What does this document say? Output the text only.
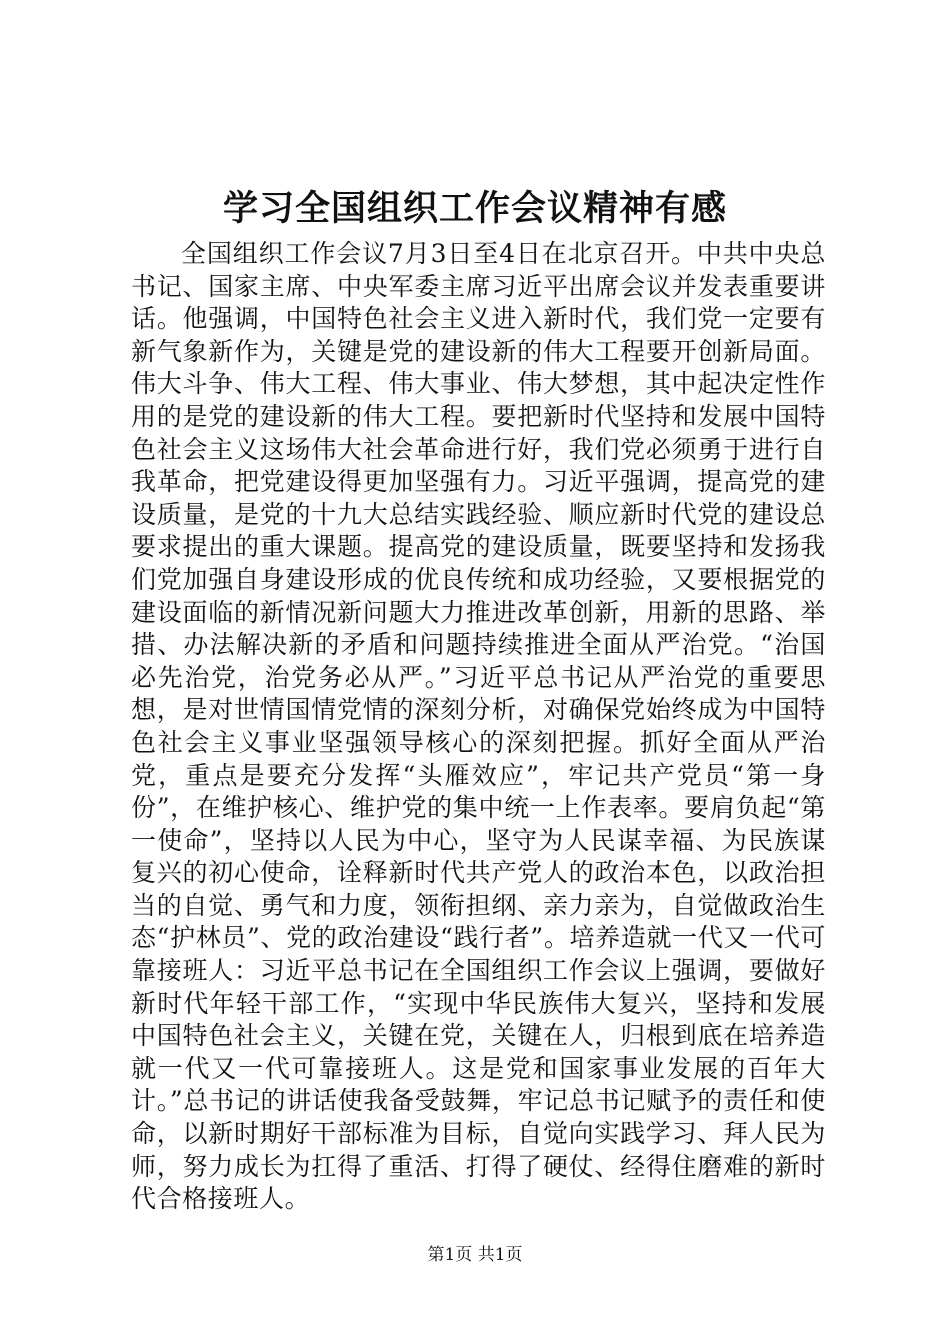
学习全国组织工作会议精神有感

全国组织工作会议7月3日至4日在北京召开。中共中央总书记、国家主席、中央军委主席习近平出席会议并发表重要讲话。他强调，中国特色社会主义进入新时代，我们党一定要有新气象新作为，关键是党的建设新的伟大工程要开创新局面。伟大斗争、伟大工程、伟大事业、伟大梦想，其中起决定性作用的是党的建设新的伟大工程。要把新时代坚持和发展中国特色社会主义这场伟大社会革命进行好，我们党必须勇于进行自我革命，把党建设得更加坚强有力。习近平强调，提高党的建设质量，是党的十九大总结实践经验、顺应新时代党的建设总要求提出的重大课题。提高党的建设质量，既要坚持和发扬我们党加强自身建设形成的优良传统和成功经验，又要根据党的建设面临的新情况新问题大力推进改革创新，用新的思路、举措、办法解决新的矛盾和问题持续推进全面从严治党。“治国必先治党，治党务必从严。”习近平总书记从严治党的重要思想，是对世情国情党情的深刻分析，对确保党始终成为中国特色社会主义事业坚强领导核心的深刻把握。抓好全面从严治党，重点是要充分发挥“头雁效应”，牢记共产党员“第一身份”，在维护核心、维护党的集中统一上作表率。要肩负起“第一使命”，坚持以人民为中心，坚守为人民谋幸福、为民族谋复兴的初心使命，诠释新时代共产党人的政治本色，以政治担当的自觉、勇气和力度，领衔担纲、亲力亲为，自觉做政治生态“护林员”、党的政治建设“践行者”。培养造就一代又一代可靠接班人：习近平总书记在全国组织工作会议上强调，要做好新时代年轻干部工作，“实现中华民族伟大复兴，坚持和发展中国特色社会主义，关键在党，关键在人，归根到底在培养造就一代又一代可靠接班人。这是党和国家事业发展的百年大计。”总书记的讲话使我备受鼓舞，牢记总书记赋予的责任和使命，以新时期好干部标准为目标，自觉向实践学习、拜人民为师，努力成长为扛得了重活、打得了硬仗、经得住磨难的新时代合格接班人。

第1页 共1页
